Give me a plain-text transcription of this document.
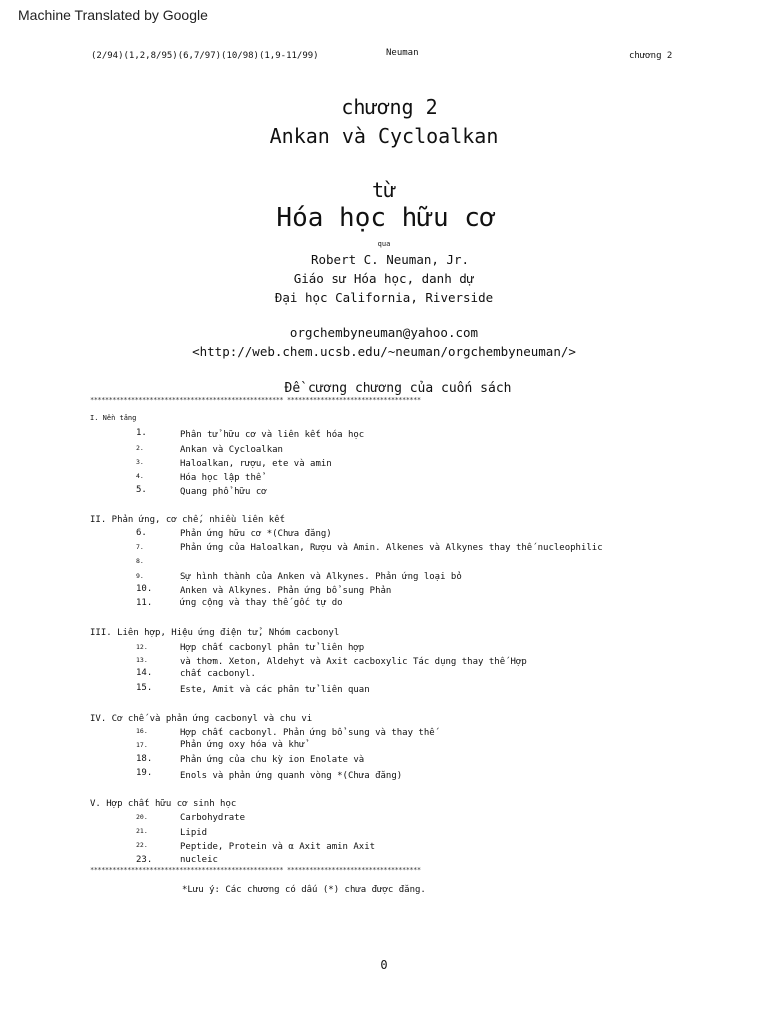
Machine Translated by Google
(2/94)(1,2,8/95)(6,7/97)(10/98)(1,9-11/99)	Neuman	chương 2
chương 2
Ankan và Cycloalkan
từ
Hóa học hữu cơ
qua
Robert C. Neuman, Jr.
Giáo sư Hóa học, danh dự
Đại học California, Riverside
orgchembyneuman@yahoo.com
<http://web.chem.ucsb.edu/~neuman/orgchembyneuman/>
Đề cương chương của cuốn sách
**************************************************** ************************************
I. Nền tảng
1.	Phân tử hữu cơ và liên kết hóa học
2.	Ankan và Cycloalkan
3.	Haloalkan, rượu, ete và amin
4.	Hóa học lập thể
5.	Quang phổ hữu cơ
II. Phản ứng, cơ chế, nhiều liên kết
6.	Phản ứng hữu cơ *(Chưa đăng)
7.	Phản ứng của Haloalkan, Rượu và Amin. Alkenes và Alkynes thay thế nucleophilic
8.
9.	Sự hình thành của Anken và Alkynes. Phản ứng loại bỏ
10.	Anken và Alkynes. Phản ứng bổ sung Phản
11.	ứng cộng và thay thế gốc tự do
III. Liên hợp, Hiệu ứng điện tử, Nhóm cacbonyl
12.	Hợp chất cacbonyl phân tử liên hợp
13.	và thơm. Xeton, Aldehyt và Axit cacboxylic Tác dụng thay thế Hợp
14.	chất cacbonyl.
15.	Este, Amit và các phân tử liên quan
IV. Cơ chế và phản ứng cacbonyl và chu vi
16.	Hợp chất cacbonyl. Phản ứng bổ sung và thay thế
17.	Phản ứng oxy hóa và khử
18.	Phản ứng của chu kỳ ion Enolate và
19.	Enols và phản ứng quanh vòng *(Chưa đăng)
V. Hợp chất hữu cơ sinh học
20.	Carbohydrate
21.	Lipid
22.	Peptide, Protein và α Axit amin Axit
23.	nucleic
**************************************************** ************************************
*Lưu ý: Các chương có dấu (*) chưa được đăng.
0
